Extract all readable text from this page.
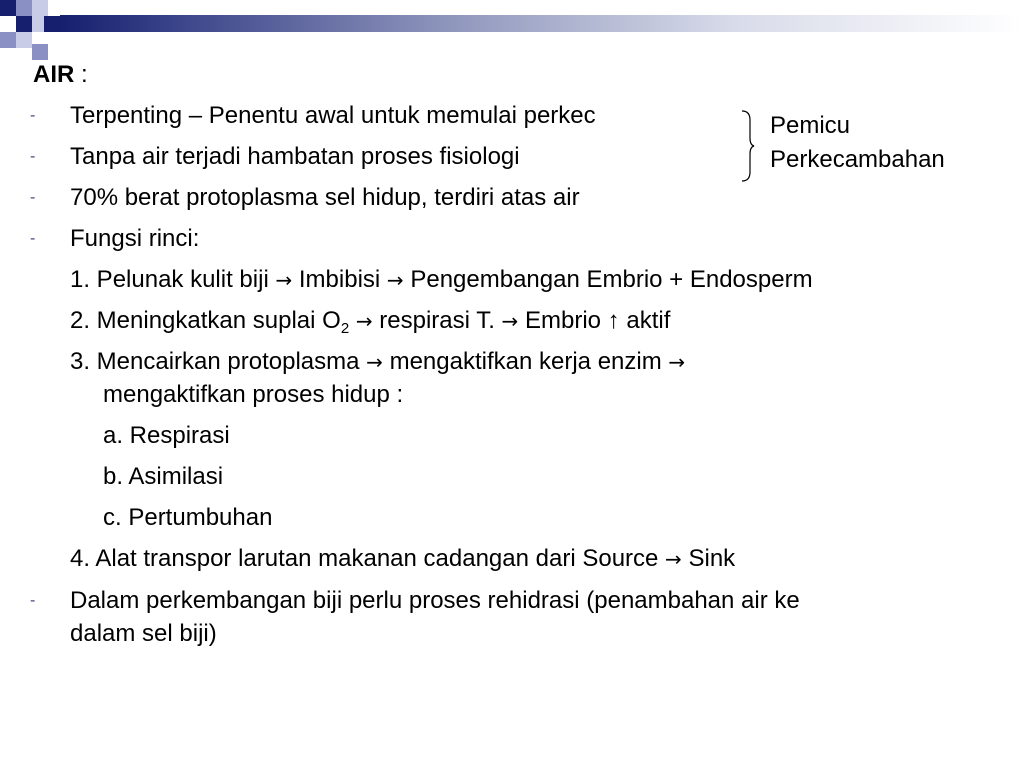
AIR :
- Terpenting – Penentu awal untuk memulai perkec
- Tanpa air terjadi hambatan proses fisiologi
- 70% berat protoplasma sel hidup, terdiri atas air
- Fungsi rinci:
1. Pelunak kulit biji → Imbibisi → Pengembangan Embrio + Endosperm
2. Meningkatkan suplai $O_2$ → respirasi T. → Embrio ↑ aktif
3. Mencairkan protoplasma → mengaktifkan kerja enzim →
mengaktifkan proses hidup :
a. Respirasi
b. Asimilasi
c. Pertumbuhan
4. Alat transpor larutan makanan cadangan dari Source → Sink
- Dalam perkembangan biji perlu proses rehidrasi (penambahan air ke
dalam sel biji)
Pemicu
Perkecambahan
